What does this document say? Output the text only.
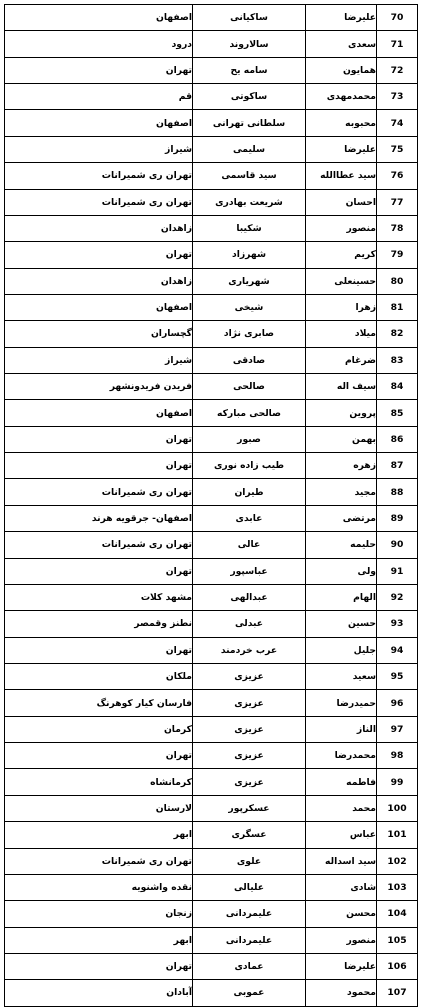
70	علیرضا	ساکیانی	اصفهان
71	سعدی	سالاروند	درود
72	همایون	سامه یح	تهران
73	محمدمهدی	ساکوتی	قم
74	محبوبه	سلطانی تهرانی	اصفهان
75	علیرضا	سلیمی	شیراز
76	سید عطاالله	سید قاسمی	تهران ری شمیرانات
77	احسان	شریعت بهادری	تهران ری شمیرانات
78	منصور	شکیبا	زاهدان
79	کریم	شهرزاد	تهران
80	حسینعلی	شهریاری	زاهدان
81	زهرا	شیخی	اصفهان
82	میلاد	صابری نژاد	گچساران
83	ضرغام	صادقی	شیراز
84	سیف اله	صالحی	فریدن فریدونشهر
85	پروین	صالحی مبارکه	اصفهان
86	بهمن	صبور	تهران
87	زهره	طیب زاده نوری	تهران
88	مجید	طیران	تهران ری شمیرانات
89	مرتضی	عابدی	اصفهان- جرقویه هرند
90	حلیمه	عالی	تهران ری شمیرانات
91	ولی	عباسپور	تهران
92	الهام	عبدالهی	مشهد کلات
93	حسین	عبدلی	نطنز وقمصر
94	جلیل	عرب خردمند	تهران
95	سعید	عزیزی	ملکان
96	حمیدرضا	عزیزی	فارسان کیار کوهرنگ
97	الناز	عزیزی	کرمان
98	محمدرضا	عزیزی	تهران
99	فاطمه	عزیزی	کرمانشاه
100	محمد	عسکرپور	لارستان
101	عباس	عسگری	ابهر
102	سید اسداله	علوی	تهران ری شمیرانات
103	شادی	علیالی	نقده واشنویه
104	محسن	علیمردانی	زنجان
105	منصور	علیمردانی	ابهر
106	علیرضا	عمادی	تهران
107	محمود	عموبی	آبادان
